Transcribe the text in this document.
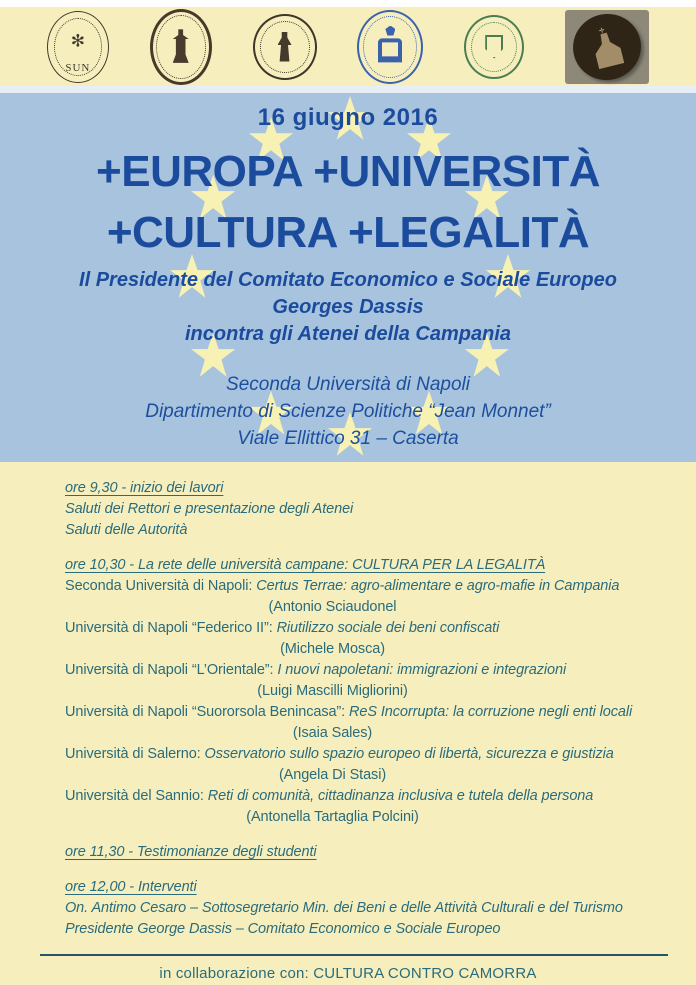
✻
SUN
✛
16 giugno 2016
+EUROPA +UNIVERSITÀ
+CULTURA +LEGALITÀ
Il Presidente del Comitato Economico e Sociale Europeo
Georges Dassis
incontra gli Atenei della Campania
Seconda Università di Napoli
Dipartimento di Scienze Politiche “Jean Monnet”
Viale Ellittico 31 – Caserta
ore 9,30 - inizio dei lavori
Saluti dei Rettori e presentazione degli Atenei
Saluti delle Autorità
ore 10,30 - La rete delle università campane: CULTURA PER LA LEGALITÀ
Seconda Università di Napoli: Certus Terrae: agro-alimentare e agro-mafie in Campania
(Antonio Sciaudonel
Università di Napoli “Federico II”: Riutilizzo sociale dei beni confiscati
(Michele Mosca)
Università di Napoli “L’Orientale”: I nuovi napoletani: immigrazioni e integrazioni
(Luigi Mascilli Migliorini)
Università di Napoli “Suororsola Benincasa”: ReS Incorrupta: la corruzione negli enti locali
(Isaia Sales)
Università di Salerno: Osservatorio sullo spazio europeo di libertà, sicurezza e giustizia
(Angela Di Stasi)
Università del Sannio: Reti di comunità, cittadinanza inclusiva e tutela della persona
(Antonella Tartaglia Polcini)
ore 11,30 - Testimonianze degli studenti
ore 12,00 - Interventi
On. Antimo Cesaro – Sottosegretario Min. dei Beni e delle Attività Culturali e del Turismo
Presidente George Dassis – Comitato Economico e Sociale Europeo
in collaborazione con: CULTURA CONTRO CAMORRA
